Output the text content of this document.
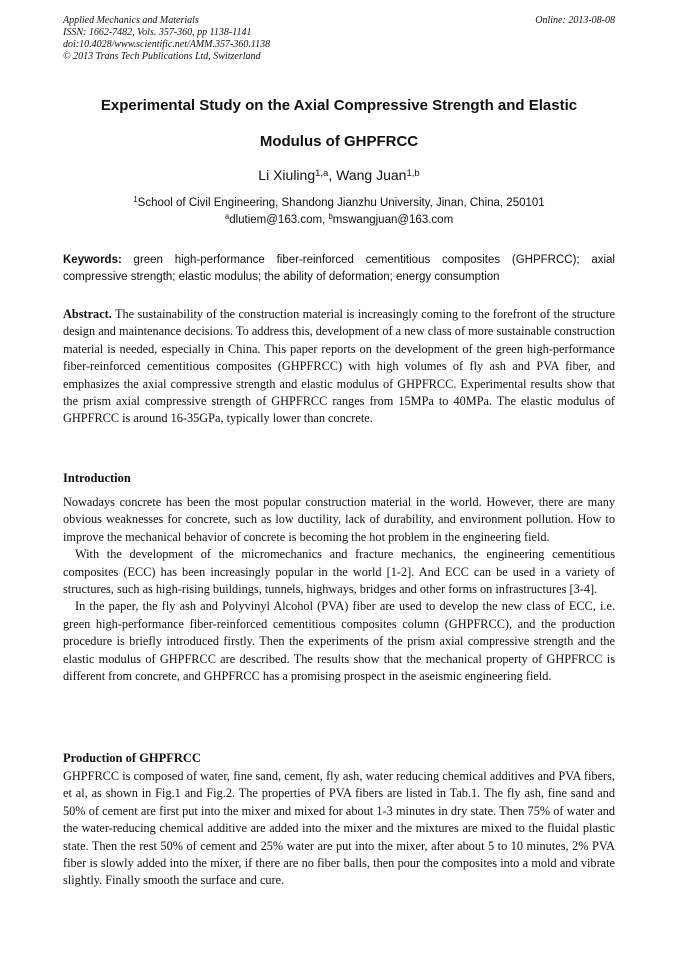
Applied Mechanics and Materials
ISSN: 1662-7482, Vols. 357-360, pp 1138-1141
doi:10.4028/www.scientific.net/AMM.357-360.1138
© 2013 Trans Tech Publications Ltd, Switzerland
Online: 2013-08-08
Experimental Study on the Axial Compressive Strength and Elastic
Modulus of GHPFRCC
Li Xiuling$^{1,a}$, Wang Juan$^{1,b}$
$^1$School of Civil Engineering, Shandong Jianzhu University, Jinan, China, 250101
$^a$dlutiem@163.com, $^b$mswangjuan@163.com
Keywords: green high-performance fiber-reinforced cementitious composites (GHPFRCC); axial compressive strength; elastic modulus; the ability of deformation; energy consumption

Abstract. The sustainability of the construction material is increasingly coming to the forefront of the structure design and maintenance decisions. To address this, development of a new class of more sustainable construction material is needed, especially in China. This paper reports on the development of the green high-performance fiber-reinforced cementitious composites (GHPFRCC) with high volumes of fly ash and PVA fiber, and emphasizes the axial compressive strength and elastic modulus of GHPFRCC. Experimental results show that the prism axial compressive strength of GHPFRCC ranges from 15MPa to 40MPa. The elastic modulus of GHPFRCC is around 16-35GPa, typically lower than concrete.

Introduction

Nowadays concrete has been the most popular construction material in the world. However, there are many obvious weaknesses for concrete, such as low ductility, lack of durability, and environment pollution. How to improve the mechanical behavior of concrete is becoming the hot problem in the engineering field.

With the development of the micromechanics and fracture mechanics, the engineering cementitious composites (ECC) has been increasingly popular in the world [1-2]. And ECC can be used in a variety of structures, such as high-rising buildings, tunnels, highways, bridges and other forms on infrastructures [3-4].

In the paper, the fly ash and Polyvinyl Alcohol (PVA) fiber are used to develop the new class of ECC, i.e. green high-performance fiber-reinforced cementitious composites column (GHPFRCC), and the production procedure is briefly introduced firstly. Then the experiments of the prism axial compressive strength and the elastic modulus of GHPFRCC are described. The results show that the mechanical property of GHPFRCC is different from concrete, and GHPFRCC has a promising prospect in the aseismic engineering field.

Production of GHPFRCC

GHPFRCC is composed of water, fine sand, cement, fly ash, water reducing chemical additives and PVA fibers, et al, as shown in Fig.1 and Fig.2. The properties of PVA fibers are listed in Tab.1. The fly ash, fine sand and 50% of cement are first put into the mixer and mixed for about 1-3 minutes in dry state. Then 75% of water and the water-reducing chemical additive are added into the mixer and the mixtures are mixed to the fluidal plastic state. Then the rest 50% of cement and 25% water are put into the mixer, after about 5 to 10 minutes, 2% PVA fiber is slowly added into the mixer, if there are no fiber balls, then pour the composites into a mold and vibrate slightly. Finally smooth the surface and cure.
